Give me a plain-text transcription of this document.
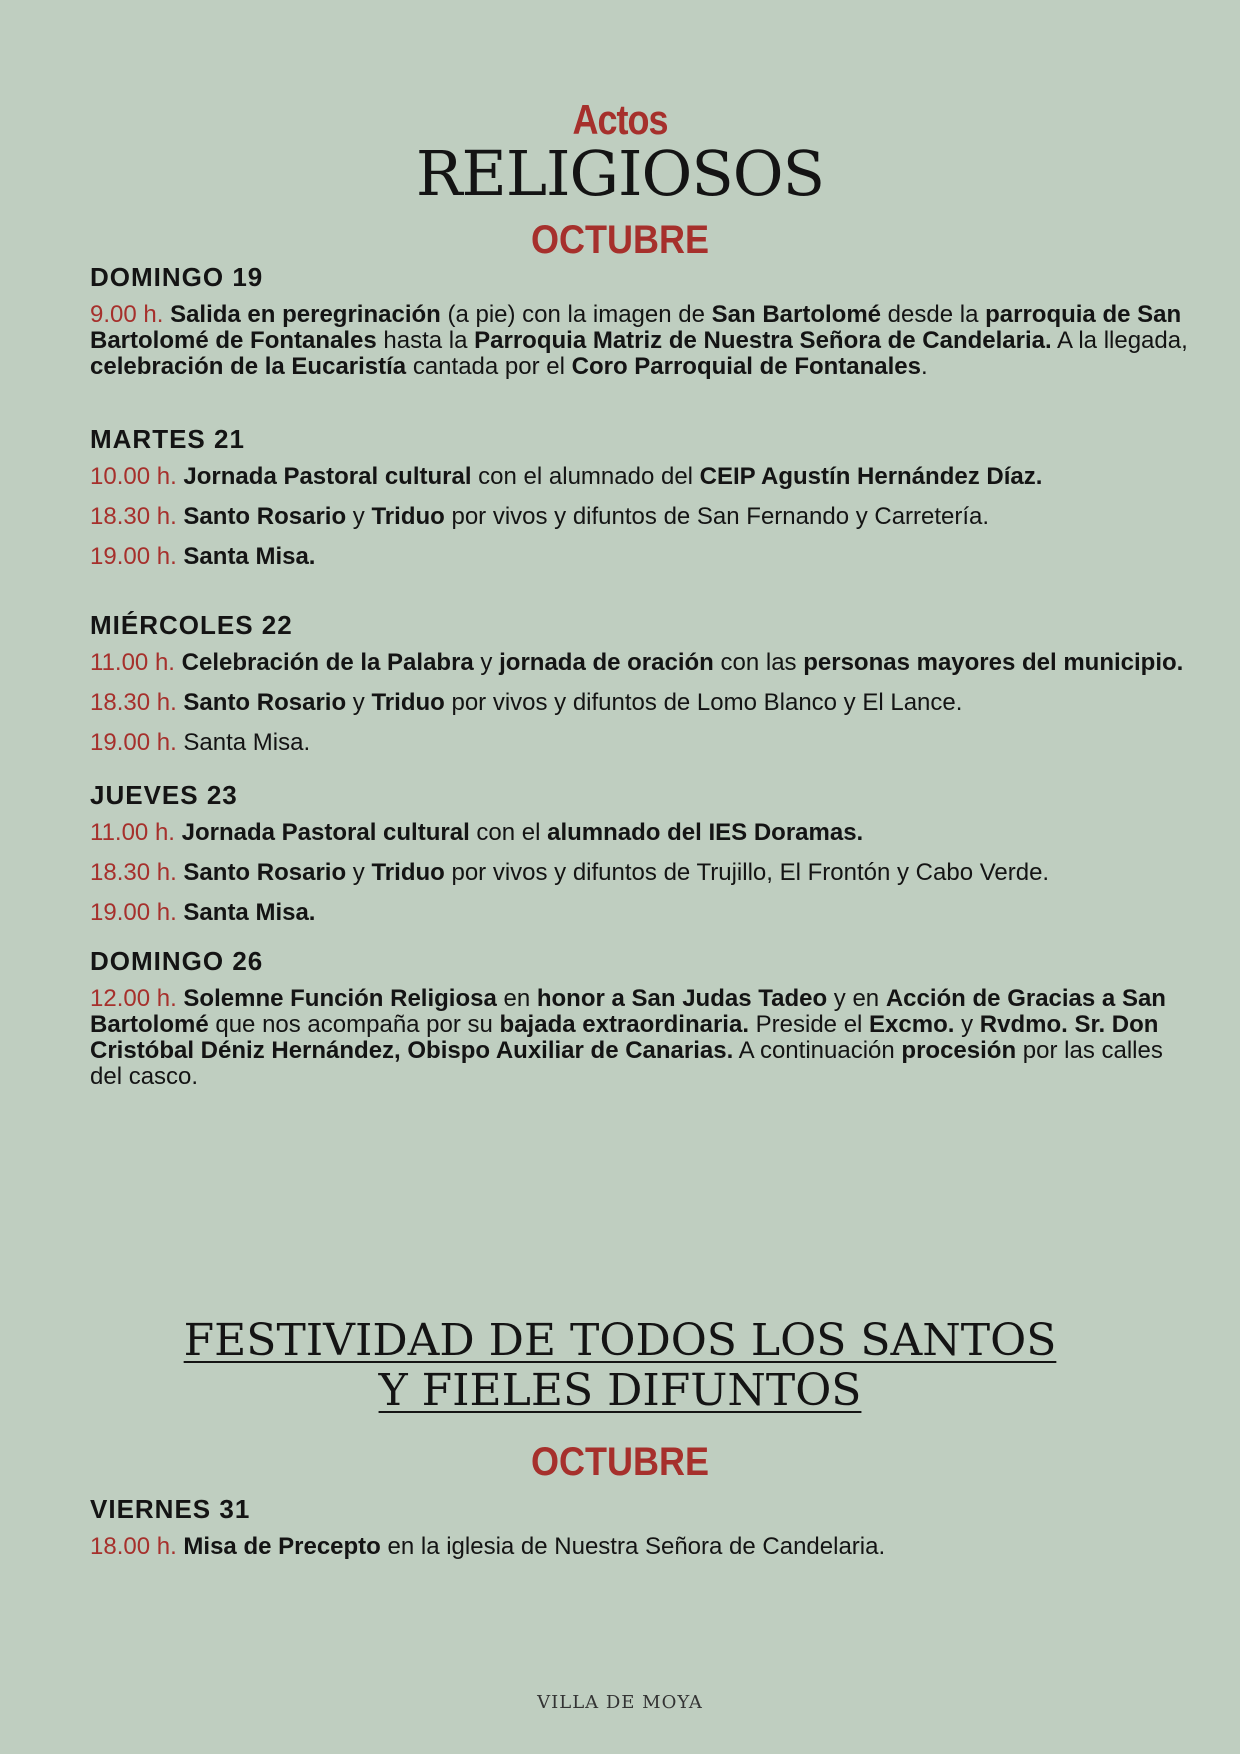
Actos
RELIGIOSOS
OCTUBRE
DOMINGO 19

9.00 h. Salida en peregrinación (a pie) con la imagen de San Bartolomé desde la parroquia de San Bartolomé de Fontanales hasta la Parroquia Matriz de Nuestra Señora de Candelaria. A la llegada, celebración de la Eucaristía cantada por el Coro Parroquial de Fontanales.

MARTES 21

10.00 h. Jornada Pastoral cultural con el alumnado del CEIP Agustín Hernández Díaz.

18.30 h. Santo Rosario y Triduo por vivos y difuntos de San Fernando y Carretería.

19.00 h. Santa Misa.

MIÉRCOLES 22

11.00 h. Celebración de la Palabra y jornada de oración con las personas mayores del municipio.

18.30 h. Santo Rosario y Triduo por vivos y difuntos de Lomo Blanco y El Lance.

19.00 h. Santa Misa.

JUEVES 23

11.00 h. Jornada Pastoral cultural con el alumnado del IES Doramas.

18.30 h. Santo Rosario y Triduo por vivos y difuntos de Trujillo, El Frontón y Cabo Verde.

19.00 h. Santa Misa.

DOMINGO 26

12.00 h. Solemne Función Religiosa en honor a San Judas Tadeo y en Acción de Gracias a San Bartolomé que nos acompaña por su bajada extraordinaria. Preside el Excmo. y Rvdmo. Sr. Don Cristóbal Déniz Hernández, Obispo Auxiliar de Canarias. A continuación procesión por las calles del casco.

FESTIVIDAD DE TODOS LOS SANTOS
Y FIELES DIFUNTOS
OCTUBRE
VIERNES 31

18.00 h. Misa de Precepto en la iglesia de Nuestra Señora de Candelaria.

VILLA DE MOYA
